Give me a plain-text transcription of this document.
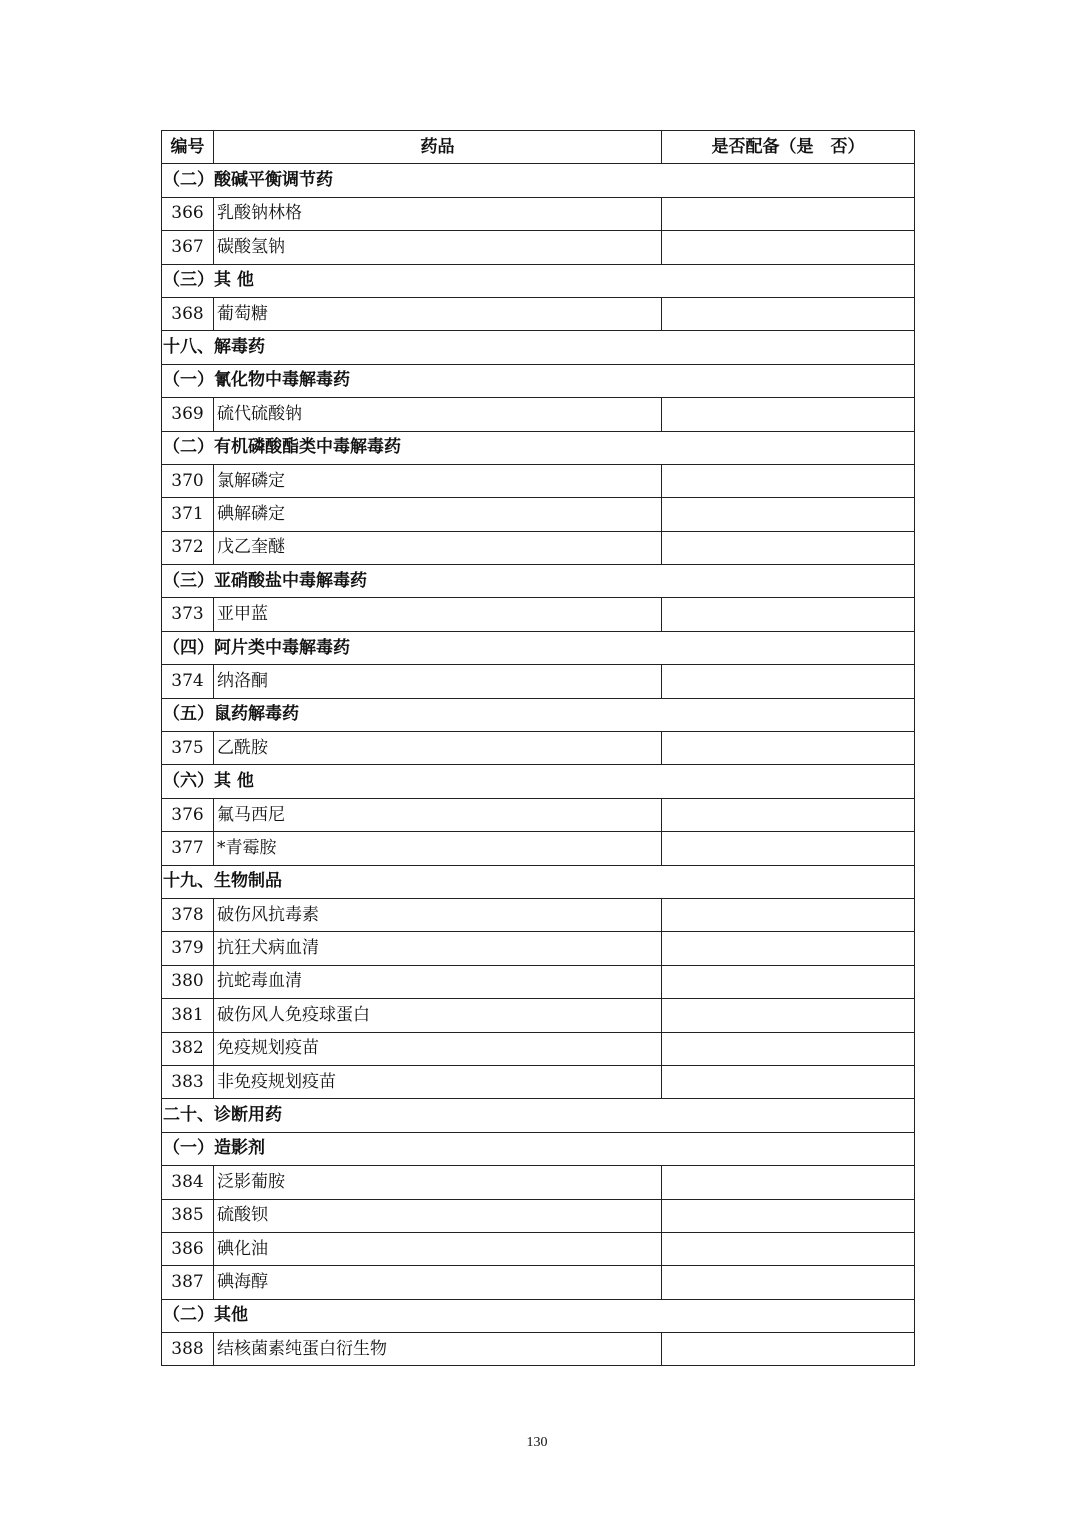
编号	药品	是否配备（是　否）
（二）酸碱平衡调节药		
366	乳酸钠林格	
367	碳酸氢钠	
（三）其 他		
368	葡萄糖	
十八、解毒药		
（一）氰化物中毒解毒药		
369	硫代硫酸钠	
（二）有机磷酸酯类中毒解毒药		
370	氯解磷定	
371	碘解磷定	
372	戊乙奎醚	
（三）亚硝酸盐中毒解毒药		
373	亚甲蓝	
（四）阿片类中毒解毒药		
374	纳洛酮	
（五）鼠药解毒药		
375	乙酰胺	
（六）其 他		
376	氟马西尼	
377	*青霉胺	
十九、生物制品		
378	破伤风抗毒素	
379	抗狂犬病血清	
380	抗蛇毒血清	
381	破伤风人免疫球蛋白	
382	免疫规划疫苗	
383	非免疫规划疫苗	
二十、诊断用药		
（一）造影剂		
384	泛影葡胺	
385	硫酸钡	
386	碘化油	
387	碘海醇	
（二）其他		
388	结核菌素纯蛋白衍生物	
130
